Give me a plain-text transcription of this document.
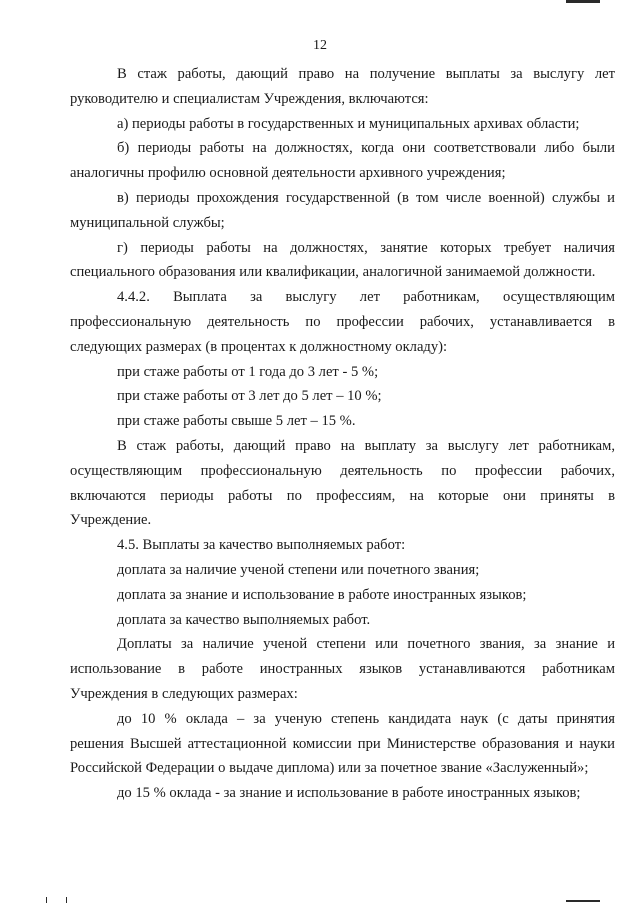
12

В стаж работы, дающий право на получение выплаты за выслугу лет
руководителю и специалистам Учреждения, включаются:

а) периоды работы в государственных и муниципальных архивах области;

б) периоды работы на должностях, когда они соответствовали либо были
аналогичны профилю основной деятельности архивного учреждения;

в) периоды прохождения государственной (в том числе военной) службы и
муниципальной службы;

г) периоды работы на должностях, занятие которых требует наличия
специального образования или квалификации, аналогичной занимаемой должности.

4.4.2. Выплата за выслугу лет работникам, осуществляющим
профессиональную деятельность по профессии рабочих, устанавливается в
следующих размерах (в процентах к должностному окладу):

при стаже работы от 1 года до 3 лет - 5 %;

при стаже работы от 3 лет до 5 лет – 10 %;

при стаже работы свыше 5 лет – 15 %.

В стаж работы, дающий право на выплату за выслугу лет работникам,
осуществляющим профессиональную деятельность по профессии рабочих,
включаются периоды работы по профессиям, на которые они приняты в
Учреждение.

4.5. Выплаты за качество выполняемых работ:

доплата за наличие ученой степени или почетного звания;

доплата за знание и использование в работе иностранных языков;

доплата за качество выполняемых работ.

Доплаты за наличие ученой степени или почетного звания, за знание и
использование в работе иностранных языков устанавливаются работникам
Учреждения в следующих размерах:

до 10 % оклада – за ученую степень кандидата наук (с даты принятия
решения Высшей аттестационной комиссии при Министерстве образования и науки
Российской Федерации о выдаче диплома) или за почетное звание «Заслуженный»;

до 15 % оклада - за знание и использование в работе иностранных языков;
